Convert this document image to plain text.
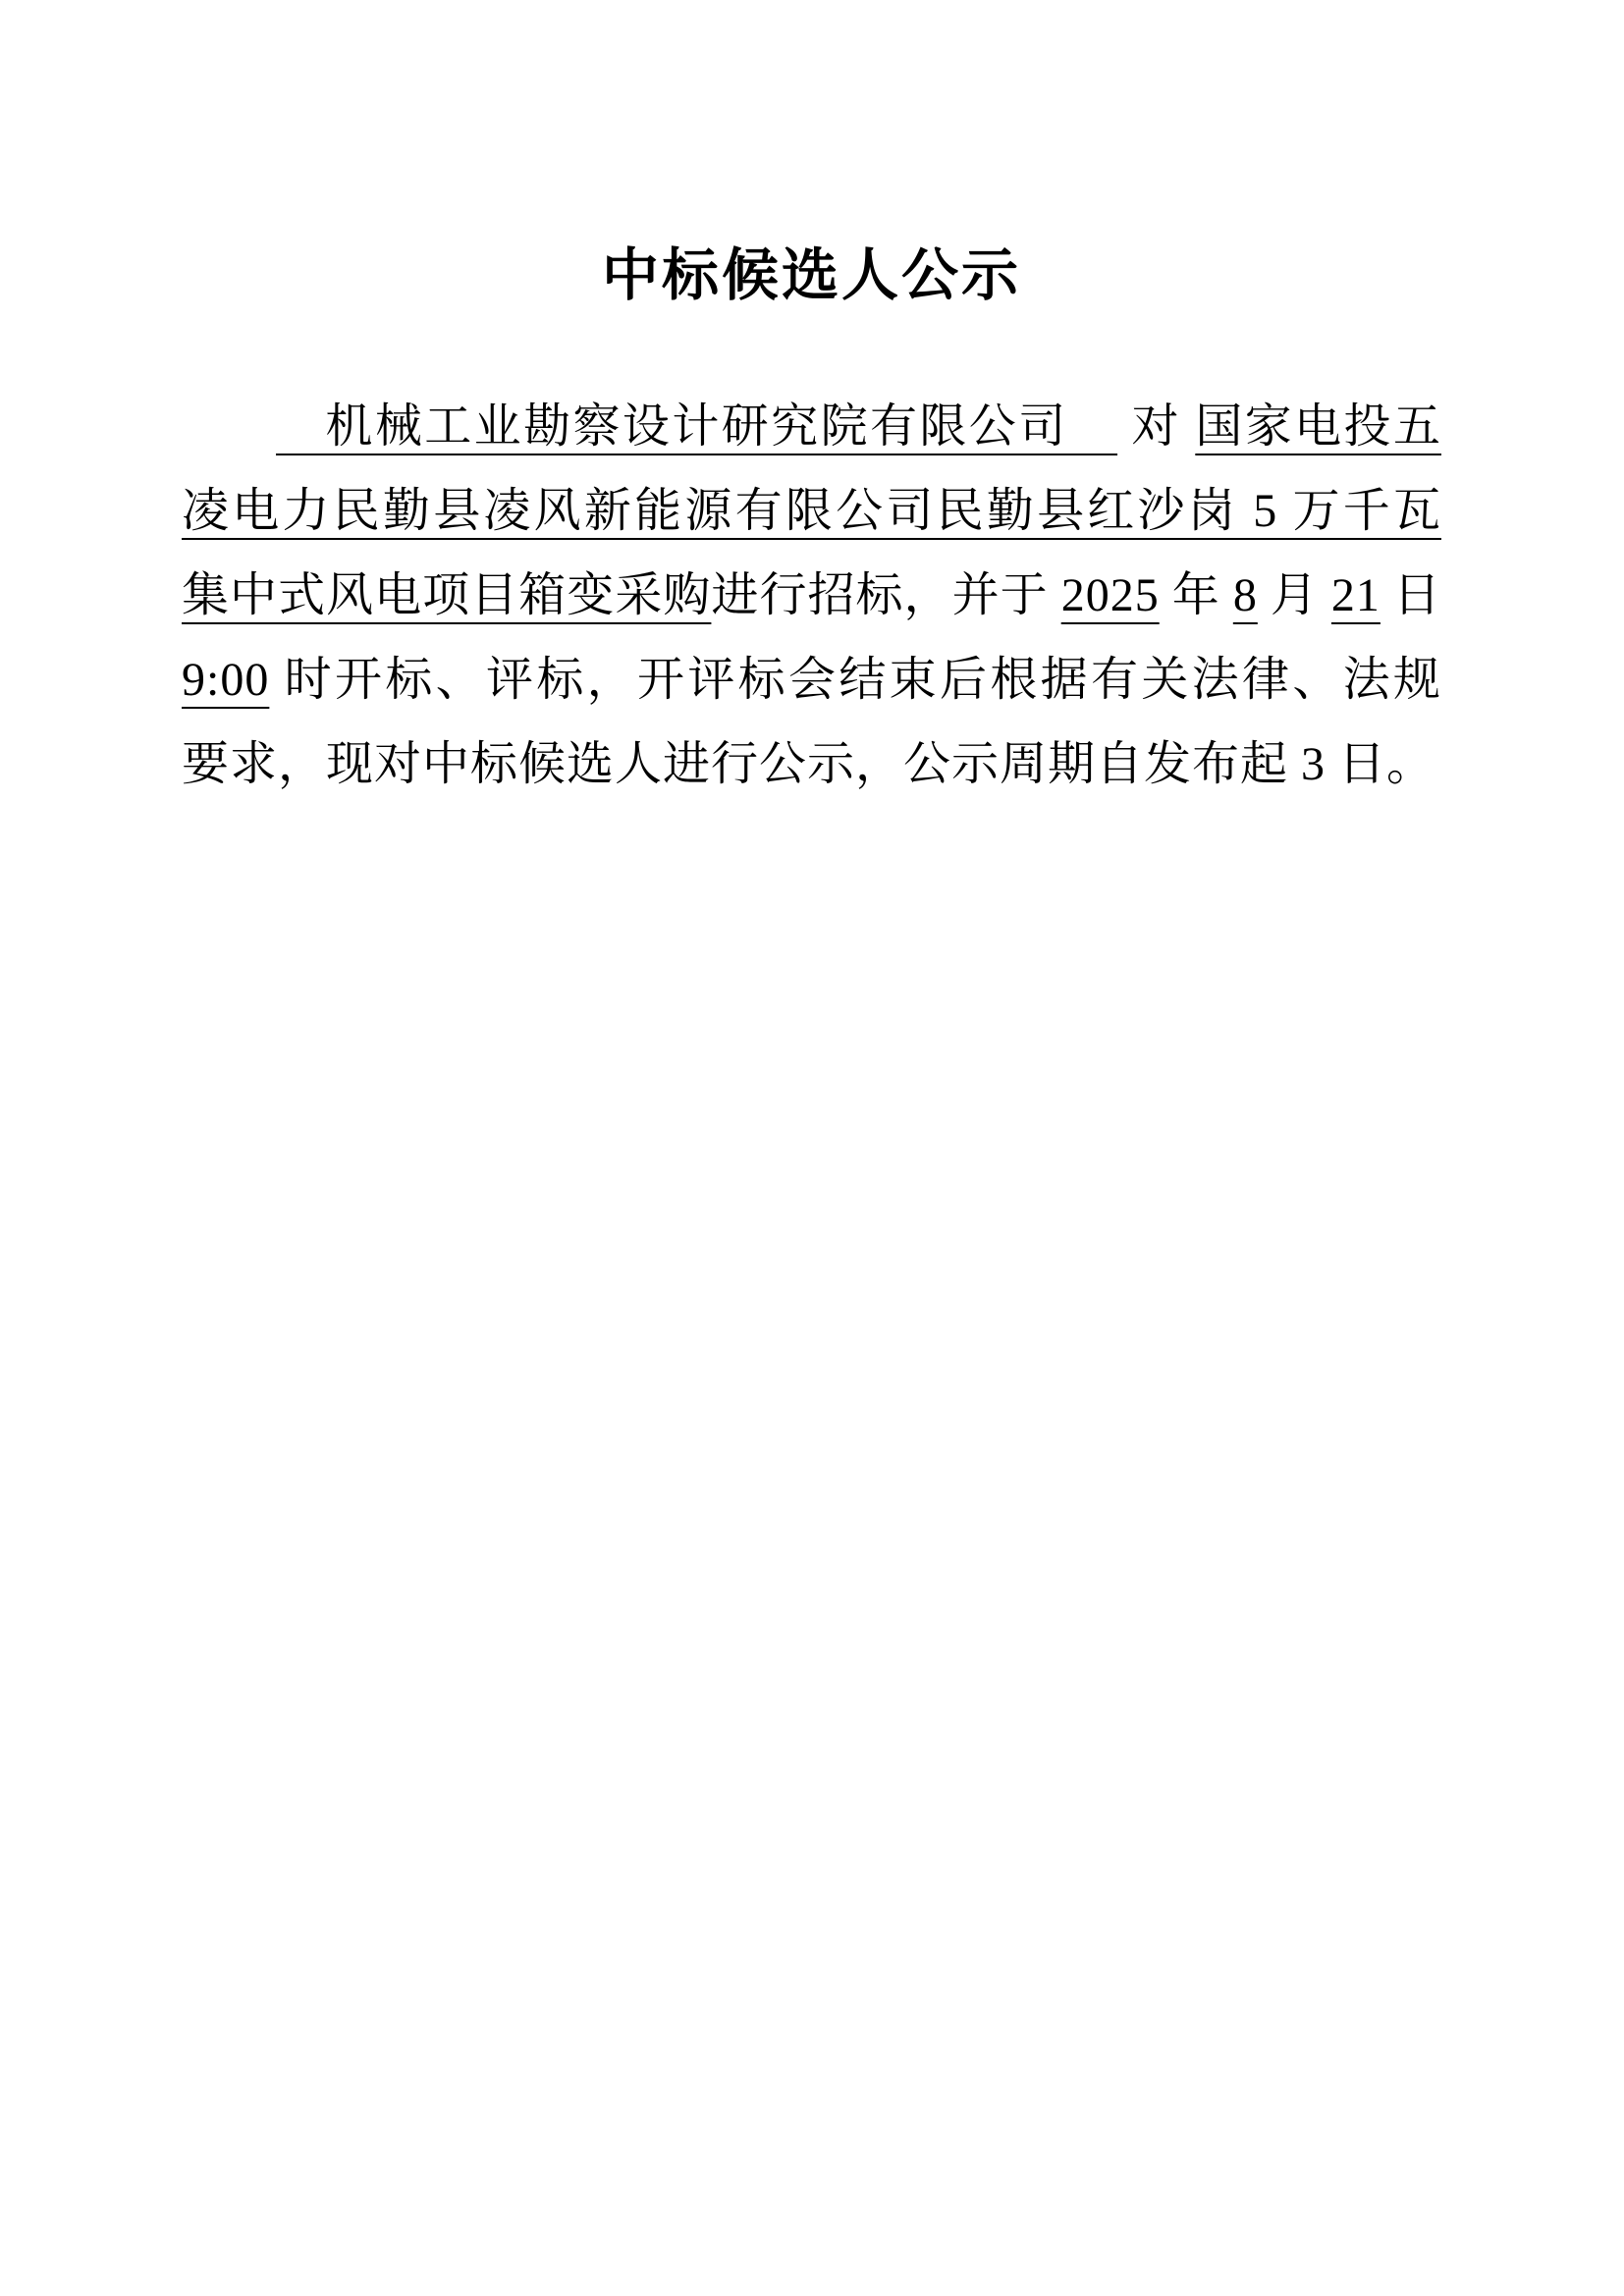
中标候选人公示
　机械工业勘察设计研究院有限公司　 对 国家电投五
凌电力民勤县凌风新能源有限公司民勤县红沙岗 5 万千瓦
集中式风电项目箱变采购进行招标，并于 2025 年 8 月 21 日
9:00 时开标、评标，开评标会结束后根据有关法律、法规
要求，现对中标候选人进行公示，公示周期自发布起 3 日。
